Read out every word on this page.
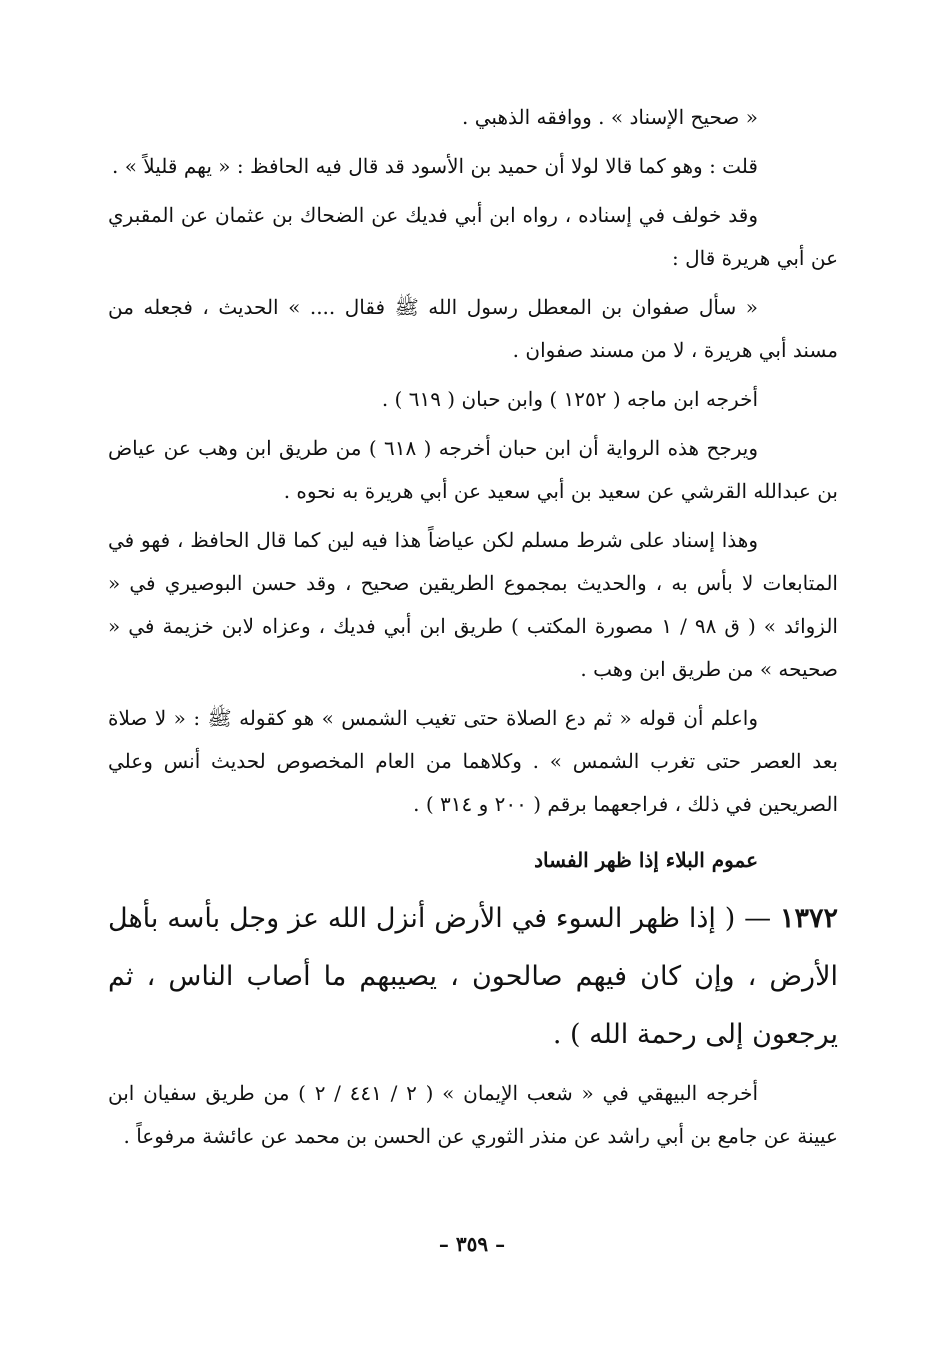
« صحيح الإسناد » . ووافقه الذهبي .

قلت : وهو كما قالا لولا أن حميد بن الأسود قد قال فيه الحافظ : « يهم قليلاً » .

وقد خولف في إسناده ، رواه ابن أبي فديك عن الضحاك بن عثمان عن المقبري عن أبي هريرة قال :

« سأل صفوان بن المعطل رسول الله ﷺ فقال .... » الحديث ، فجعله من مسند أبي هريرة ، لا من مسند صفوان .

أخرجه ابن ماجه ( ١٢٥٢ ) وابن حبان ( ٦١٩ ) .

ويرجح هذه الرواية أن ابن حبان أخرجه ( ٦١٨ ) من طريق ابن وهب عن عياض بن عبدالله القرشي عن سعيد بن أبي سعيد عن أبي هريرة به نحوه .

وهذا إسناد على شرط مسلم لكن عياضاً هذا فيه لين كما قال الحافظ ، فهو في المتابعات لا بأس به ، والحديث بمجموع الطريقين صحيح ، وقد حسن البوصيري في « الزوائد » ( ق ٩٨ / ١ مصورة المكتب ) طريق ابن أبي فديك ، وعزاه لابن خزيمة في « صحيحه » من طريق ابن وهب .

واعلم أن قوله « ثم دع الصلاة حتى تغيب الشمس » هو كقوله ﷺ : « لا صلاة بعد العصر حتى تغرب الشمس » . وكلاهما من العام المخصوص لحديث أنس وعلي الصريحين في ذلك ، فراجعهما برقم ( ٢٠٠ و ٣١٤ ) .

عموم البلاء إذا ظهر الفساد

١٣٧٢ — ( إذا ظهر السوء في الأرض أنزل الله عز وجل بأسه بأهل الأرض ، وإن كان فيهم صالحون ، يصيبهم ما أصاب الناس ، ثم يرجعون إلى رحمة الله ) .

أخرجه البيهقي في « شعب الإيمان » ( ٢ / ٤٤١ / ٢ ) من طريق سفيان ابن عيينة عن جامع بن أبي راشد عن منذر الثوري عن الحسن بن محمد عن عائشة مرفوعاً .

– ٣٥٩ –
